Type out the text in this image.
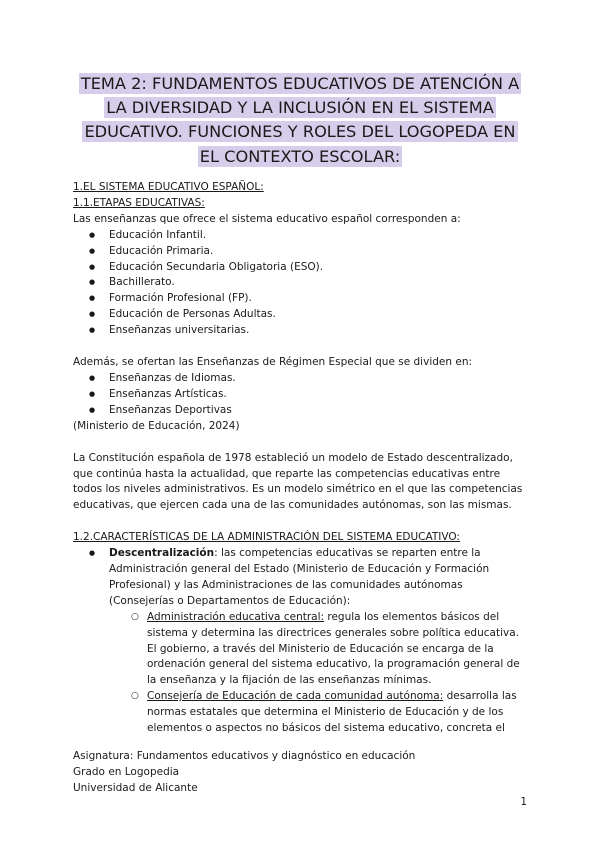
TEMA 2: FUNDAMENTOS EDUCATIVOS DE ATENCIÓN A
LA DIVERSIDAD Y LA INCLUSIÓN EN EL SISTEMA
EDUCATIVO. FUNCIONES Y ROLES DEL LOGOPEDA EN
EL CONTEXTO ESCOLAR:
1.EL SISTEMA EDUCATIVO ESPAÑOL:
1.1.ETAPAS EDUCATIVAS:
Las enseñanzas que ofrece el sistema educativo español corresponden a:
● Educación Infantil.
● Educación Primaria.
● Educación Secundaria Obligatoria (ESO).
● Bachillerato.
● Formación Profesional (FP).
● Educación de Personas Adultas.
● Enseñanzas universitarias.
Además, se ofertan las Enseñanzas de Régimen Especial que se dividen en:
● Enseñanzas de Idiomas.
● Enseñanzas Artísticas.
● Enseñanzas Deportivas
(Ministerio de Educación, 2024)
La Constitución española de 1978 estableció un modelo de Estado descentralizado,
que continúa hasta la actualidad, que reparte las competencias educativas entre
todos los niveles administrativos. Es un modelo simétrico en el que las competencias
educativas, que ejercen cada una de las comunidades autónomas, son las mismas.
1.2.CARACTERÍSTICAS DE LA ADMINISTRACIÓN DEL SISTEMA EDUCATIVO:
● Descentralización: las competencias educativas se reparten entre la
Administración general del Estado (Ministerio de Educación y Formación
Profesional) y las Administraciones de las comunidades autónomas
(Consejerías o Departamentos de Educación):
○ Administración educativa central: regula los elementos básicos del
sistema y determina las directrices generales sobre política educativa.
El gobierno, a través del Ministerio de Educación se encarga de la
ordenación general del sistema educativo, la programación general de
la enseñanza y la fijación de las enseñanzas mínimas.
○ Consejería de Educación de cada comunidad autónoma: desarrolla las
normas estatales que determina el Ministerio de Educación y de los
elementos o aspectos no básicos del sistema educativo, concreta el
Asignatura: Fundamentos educativos y diagnóstico en educación
Grado en Logopedia
Universidad de Alicante
1
